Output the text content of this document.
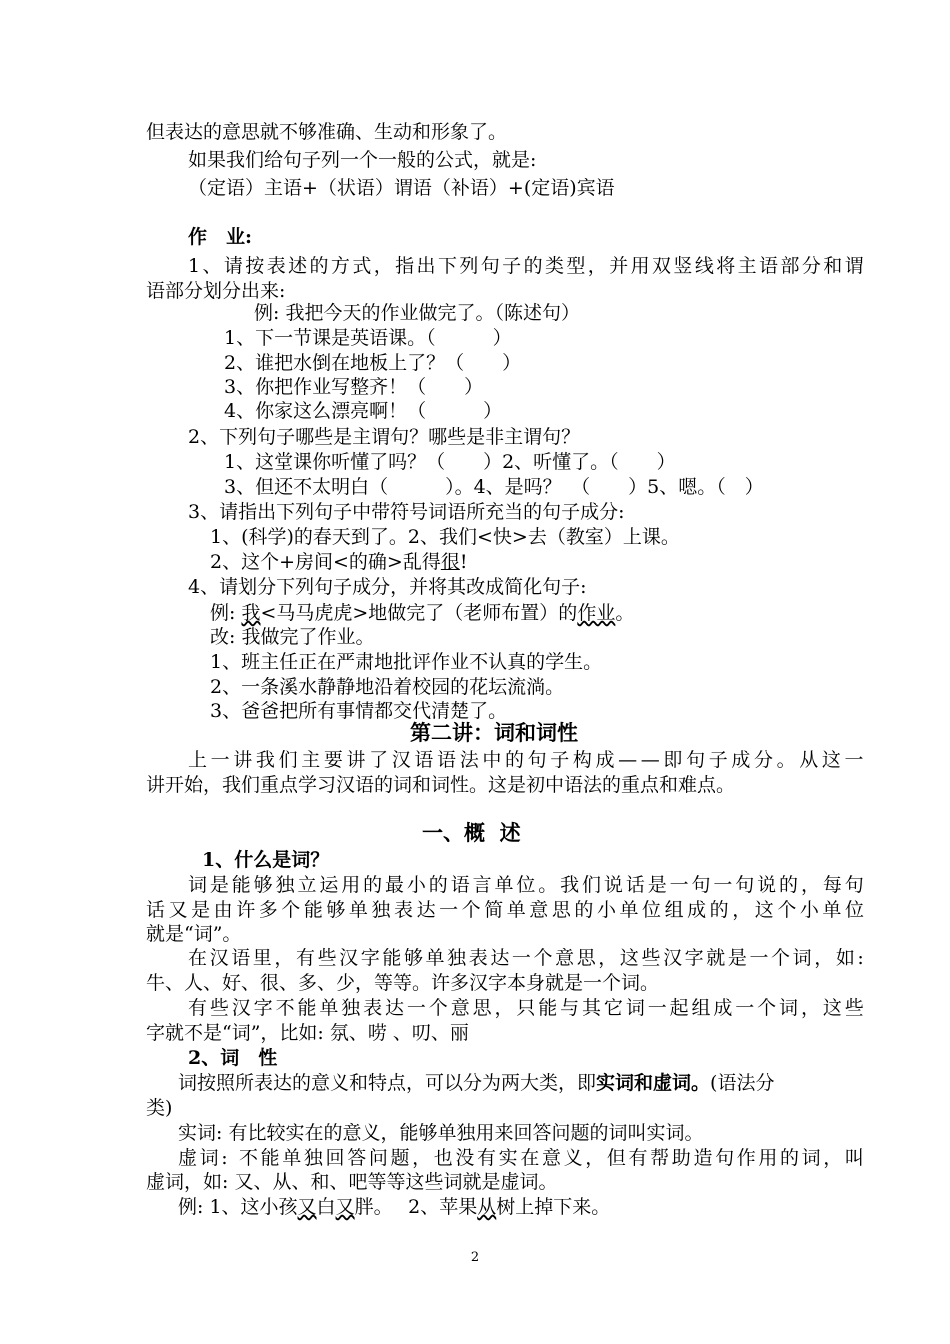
但表达的意思就不够准确、生动和形象了。
如果我们给句子列一个一般的公式，就是:
（定语）主语+（状语）谓语（补语）+(定语)宾语
作　业:
1 、 请 按 表 述 的 方 式 ， 指 出 下 列 句 子 的 类 型 ， 并 用 双 竖 线 将 主 语 部 分 和 谓
语部分划分出来:
例: 我把今天的作业做完了。（陈述句）
1、下一节课是英语课。（　　　）
2、谁把水倒在地板上了？（　　）
3、你把作业写整齐！（　　）
4、你家这么漂亮啊！（　　　）
2、下列句子哪些是主谓句？哪些是非主谓句？
1、这堂课你听懂了吗？（　　）2、听懂了。（　　）
3、但还不太明白（　　　）。4、是吗？　（　　）5、嗯。（　）
3、请指出下列句子中带符号词语所充当的句子成分:
1、(科学)的春天到了。2、我们<快>去（教室）上课。
2、这个+房间<的确>乱得很!
4、请划分下列句子成分，并将其改成简化句子:
例: 我<马马虎虎>地做完了（老师布置）的作业。
改: 我做完了作业。
1、班主任正在严肃地批评作业不认真的学生。
2、一条溪水静静地沿着校园的花坛流淌。
3、爸爸把所有事情都交代清楚了。
第二讲：词和词性
上 一 讲 我 们 主 要 讲 了 汉 语 语 法 中 的 句 子 构 成 — — 即 句 子 成 分 。 从 这 一
讲开始，我们重点学习汉语的词和词性。这是初中语法的重点和难点。
一、概  述
1、什么是词？
词 是 能 够 独 立 运 用 的 最 小 的 语 言 单 位 。 我 们 说 话 是 一 句 一 句 说 的 ， 每 句
话 又 是 由 许 多 个 能 够 单 独 表 达 一 个 简 单 意 思 的 小 单 位 组 成 的 ， 这 个 小 单 位
就是“词”。
在 汉 语 里 ， 有 些 汉 字 能 够 单 独 表 达 一 个 意 思 ， 这 些 汉 字 就 是 一 个 词 ， 如 :
牛、人、好、很、多、少，等等。许多汉字本身就是一个词。
有 些 汉 字 不 能 单 独 表 达 一 个 意 思 ， 只 能 与 其 它 词 一 起 组 成 一 个 词 ， 这 些
字就不是“词”，比如: 氛、唠 、叨、丽
2、词　性
词按照所表达的意义和特点，可以分为两大类，即实词和虚词。(语法分
类)
实词: 有比较实在的意义，能够单独用来回答问题的词叫实词。
虚 词 :
不 能 单 独 回 答 问 题 ， 也 没 有 实 在 意 义 ， 但 有 帮 助 造 句 作 用 的 词 ， 叫
虚词，如: 又、从、和、吧等等这些词就是虚词。
例: 1、这小孩又白又胖。　 2、苹果从树上掉下来。
2
